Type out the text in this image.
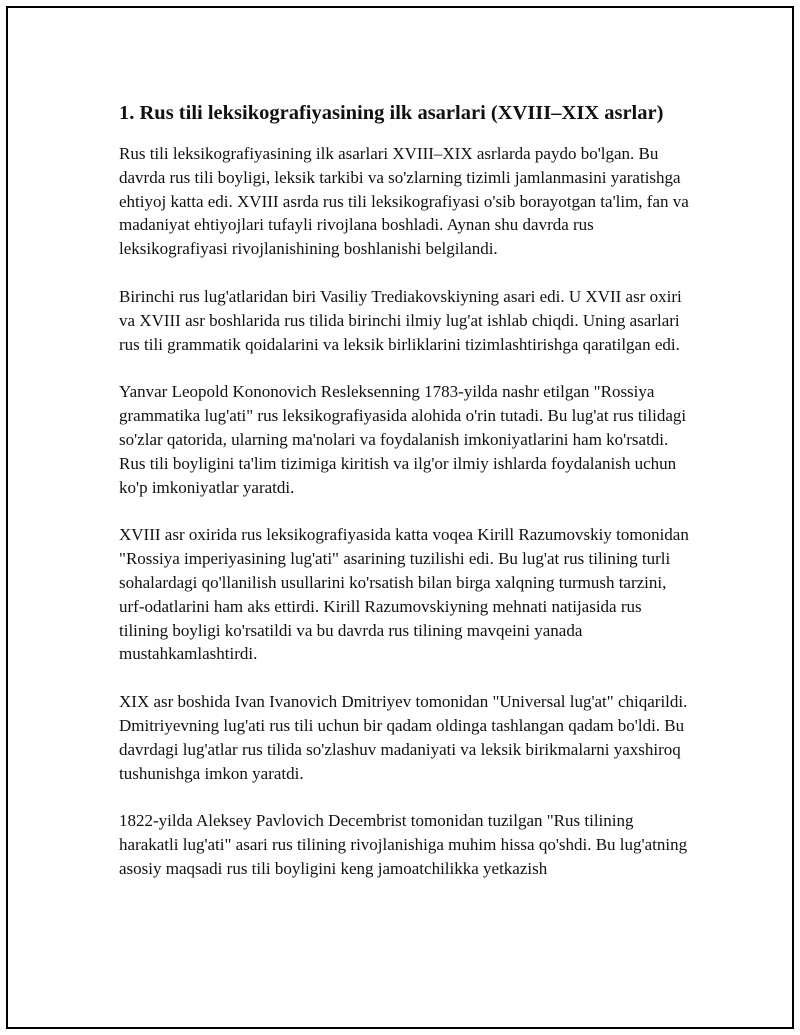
1. Rus tili leksikografiyasining ilk asarlari (XVIII–XIX asrlar)

Rus tili leksikografiyasining ilk asarlari XVIII–XIX asrlarda paydo bo'lgan. Bu davrda rus tili boyligi, leksik tarkibi va so'zlarning tizimli jamlanmasini yaratishga ehtiyoj katta edi. XVIII asrda rus tili leksikografiyasi o'sib borayotgan ta'lim, fan va madaniyat ehtiyojlari tufayli rivojlana boshladi. Aynan shu davrda rus leksikografiyasi rivojlanishining boshlanishi belgilandi.

Birinchi rus lug'atlaridan biri Vasiliy Trediakovskiyning asari edi. U XVII asr oxiri va XVIII asr boshlarida rus tilida birinchi ilmiy lug'at ishlab chiqdi. Uning asarlari rus tili grammatik qoidalarini va leksik birliklarini tizimlashtirishga qaratilgan edi.

Yanvar Leopold Kononovich Resleksenning 1783-yilda nashr etilgan "Rossiya grammatika lug'ati" rus leksikografiyasida alohida o'rin tutadi. Bu lug'at rus tilidagi so'zlar qatorida, ularning ma'nolari va foydalanish imkoniyatlarini ham ko'rsatdi. Rus tili boyligini ta'lim tizimiga kiritish va ilg'or ilmiy ishlarda foydalanish uchun ko'p imkoniyatlar yaratdi.

XVIII asr oxirida rus leksikografiyasida katta voqea Kirill Razumovskiy tomonidan "Rossiya imperiyasining lug'ati" asarining tuzilishi edi. Bu lug'at rus tilining turli sohalardagi qo'llanilish usullarini ko'rsatish bilan birga xalqning turmush tarzini, urf-odatlarini ham aks ettirdi. Kirill Razumovskiyning mehnati natijasida rus tilining boyligi ko'rsatildi va bu davrda rus tilining mavqeini yanada mustahkamlashtirdi.

XIX asr boshida Ivan Ivanovich Dmitriyev tomonidan "Universal lug'at" chiqarildi. Dmitriyevning lug'ati rus tili uchun bir qadam oldinga tashlangan qadam bo'ldi. Bu davrdagi lug'atlar rus tilida so'zlashuv madaniyati va leksik birikmalarni yaxshiroq tushunishga imkon yaratdi.

1822-yilda Aleksey Pavlovich Decembrist tomonidan tuzilgan "Rus tilining harakatli lug'ati" asari rus tilining rivojlanishiga muhim hissa qo'shdi. Bu lug'atning asosiy maqsadi rus tili boyligini keng jamoatchilikka yetkazish
